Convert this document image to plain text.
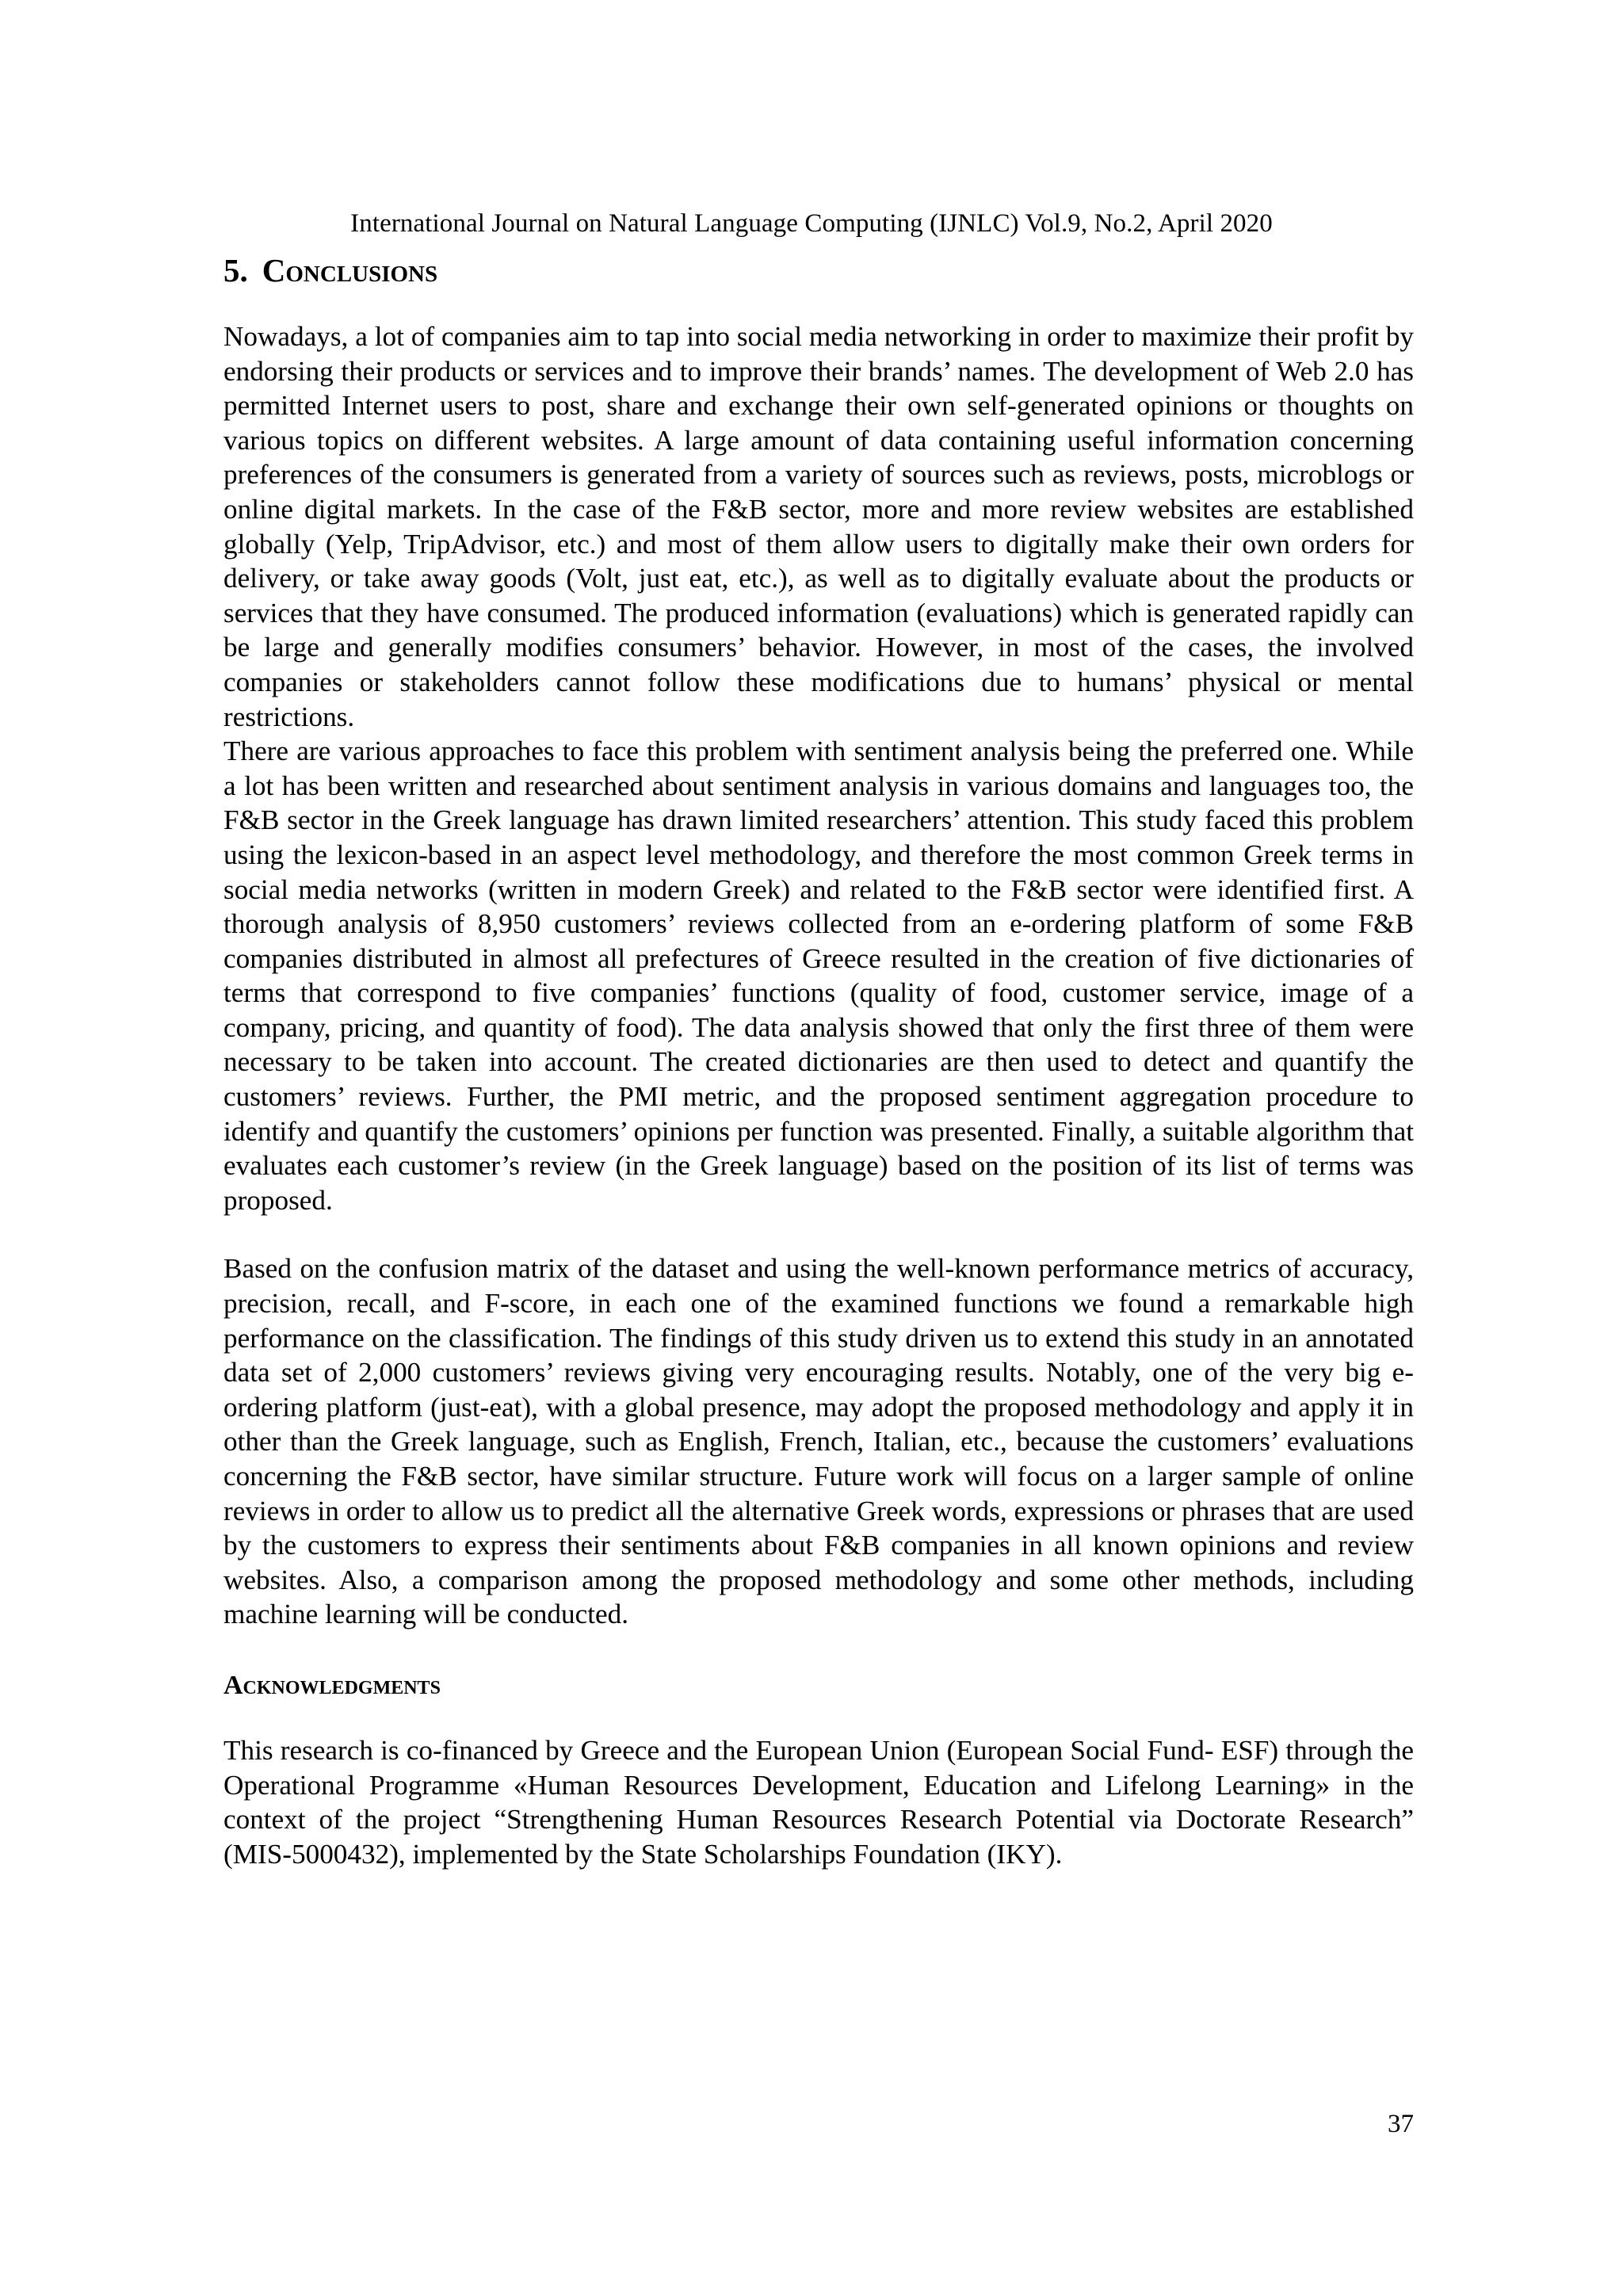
International Journal on Natural Language Computing (IJNLC) Vol.9, No.2, April 2020
5. Conclusions

Nowadays, a lot of companies aim to tap into social media networking in order to maximize their profit by endorsing their products or services and to improve their brands’ names. The development of Web 2.0 has permitted Internet users to post, share and exchange their own self-generated opinions or thoughts on various topics on different websites. A large amount of data containing useful information concerning preferences of the consumers is generated from a variety of sources such as reviews, posts, microblogs or online digital markets. In the case of the F&B sector, more and more review websites are established globally (Yelp, TripAdvisor, etc.) and most of them allow users to digitally make their own orders for delivery, or take away goods (Volt, just eat, etc.), as well as to digitally evaluate about the products or services that they have consumed. The produced information (evaluations) which is generated rapidly can be large and generally modifies consumers’ behavior. However, in most of the cases, the involved companies or stakeholders cannot follow these modifications due to humans’ physical or mental restrictions.

There are various approaches to face this problem with sentiment analysis being the preferred one. While a lot has been written and researched about sentiment analysis in various domains and languages too, the F&B sector in the Greek language has drawn limited researchers’ attention. This study faced this problem using the lexicon-based in an aspect level methodology, and therefore the most common Greek terms in social media networks (written in modern Greek) and related to the F&B sector were identified first. A thorough analysis of 8,950 customers’ reviews collected from an e-ordering platform of some F&B companies distributed in almost all prefectures of Greece resulted in the creation of five dictionaries of terms that correspond to five companies’ functions (quality of food, customer service, image of a company, pricing, and quantity of food). The data analysis showed that only the first three of them were necessary to be taken into account. The created dictionaries are then used to detect and quantify the customers’ reviews. Further, the PMI metric, and the proposed sentiment aggregation procedure to identify and quantify the customers’ opinions per function was presented. Finally, a suitable algorithm that evaluates each customer’s review (in the Greek language) based on the position of its list of terms was proposed.

Based on the confusion matrix of the dataset and using the well-known performance metrics of accuracy, precision, recall, and F-score, in each one of the examined functions we found a remarkable high performance on the classification. The findings of this study driven us to extend this study in an annotated data set of 2,000 customers’ reviews giving very encouraging results. Notably, one of the very big e-ordering platform (just-eat), with a global presence, may adopt the proposed methodology and apply it in other than the Greek language, such as English, French, Italian, etc., because the customers’ evaluations concerning the F&B sector, have similar structure. Future work will focus on a larger sample of online reviews in order to allow us to predict all the alternative Greek words, expressions or phrases that are used by the customers to express their sentiments about F&B companies in all known opinions and review websites. Also, a comparison among the proposed methodology and some other methods, including machine learning will be conducted.

Acknowledgments

This research is co-financed by Greece and the European Union (European Social Fund- ESF) through the Operational Programme «Human Resources Development, Education and Lifelong Learning» in the context of the project “Strengthening Human Resources Research Potential via Doctorate Research” (MIS-5000432), implemented by the State Scholarships Foundation (IKY).

37
